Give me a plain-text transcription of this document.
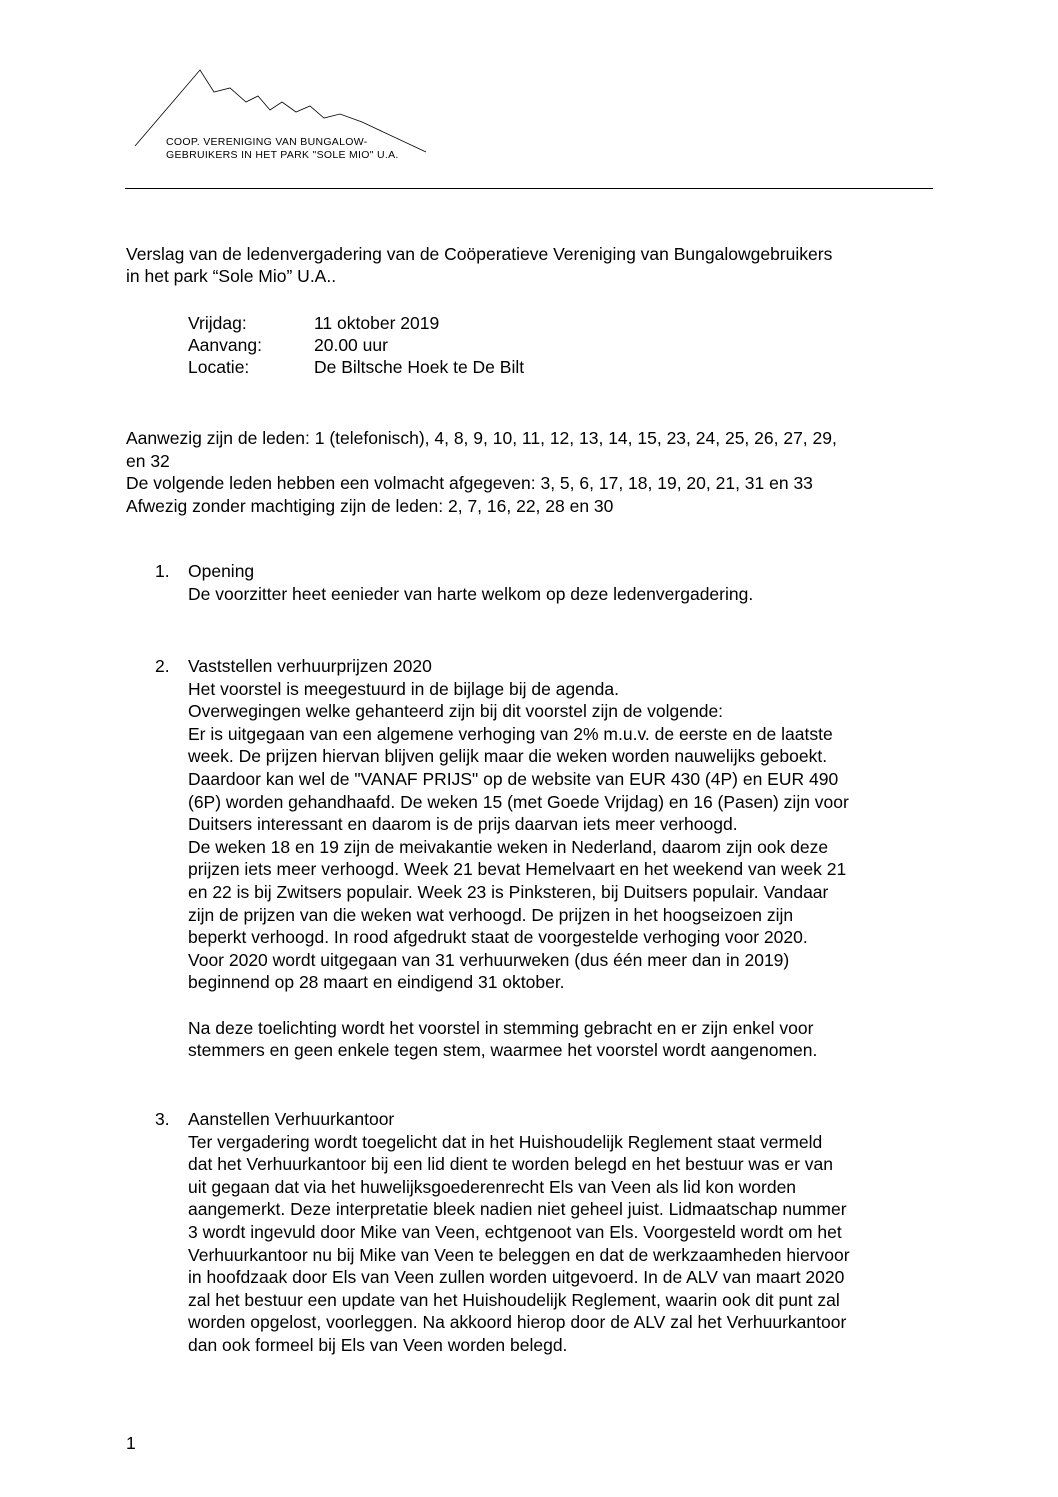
COOP. VERENIGING VAN BUNGALOW-
GEBRUIKERS IN HET PARK "SOLE MIO" U.A.
Verslag van de ledenvergadering van de Coöperatieve Vereniging van Bungalowgebruikers
in het park “Sole Mio” U.A..
Vrijdag:	11 oktober 2019
Aanvang:	20.00 uur
Locatie:	De Biltsche Hoek te De Bilt

Aanwezig zijn de leden: 1 (telefonisch), 4, 8, 9, 10, 11, 12, 13, 14, 15, 23, 24, 25, 26, 27, 29,

en 32

De volgende leden hebben een volmacht afgegeven: 3, 5, 6, 17, 18, 19, 20, 21, 31 en 33

Afwezig zonder machtiging zijn de leden: 2, 7, 16, 22, 28 en 30

1.	Opening

De voorzitter heet eenieder van harte welkom op deze ledenvergadering.

2.	Vaststellen verhuurprijzen 2020

Het voorstel is meegestuurd in de bijlage bij de agenda.

Overwegingen welke gehanteerd zijn bij dit voorstel zijn de volgende:

Er is uitgegaan van een algemene verhoging van 2% m.u.v. de eerste en de laatste

week. De prijzen hiervan blijven gelijk maar die weken worden nauwelijks geboekt.

Daardoor kan wel de "VANAF PRIJS" op de website van EUR 430 (4P) en EUR 490

(6P) worden gehandhaafd. De weken 15 (met Goede Vrijdag) en 16 (Pasen) zijn voor

Duitsers interessant en daarom is de prijs daarvan iets meer verhoogd.

De weken 18 en 19 zijn de meivakantie weken in Nederland, daarom zijn ook deze

prijzen iets meer verhoogd. Week 21 bevat Hemelvaart en het weekend van week 21

en 22 is bij Zwitsers populair. Week 23 is Pinksteren, bij Duitsers populair. Vandaar

zijn de prijzen van die weken wat verhoogd. De prijzen in het hoogseizoen zijn

beperkt verhoogd. In rood afgedrukt staat de voorgestelde verhoging voor 2020.

Voor 2020 wordt uitgegaan van 31 verhuurweken (dus één meer dan in 2019)

beginnend op 28 maart en eindigend 31 oktober.

Na deze toelichting wordt het voorstel in stemming gebracht en er zijn enkel voor

stemmers en geen enkele tegen stem, waarmee het voorstel wordt aangenomen.

3.	Aanstellen Verhuurkantoor

Ter vergadering wordt toegelicht dat in het Huishoudelijk Reglement staat vermeld

dat het Verhuurkantoor bij een lid dient te worden belegd en het bestuur was er van

uit gegaan dat via het huwelijksgoederenrecht Els van Veen als lid kon worden

aangemerkt. Deze interpretatie bleek nadien niet geheel juist. Lidmaatschap nummer

3 wordt ingevuld door Mike van Veen, echtgenoot van Els. Voorgesteld wordt om het

Verhuurkantoor nu bij Mike van Veen te beleggen en dat de werkzaamheden hiervoor

in hoofdzaak door Els van Veen zullen worden uitgevoerd. In de ALV van maart 2020

zal het bestuur een update van het Huishoudelijk Reglement, waarin ook dit punt zal

worden opgelost, voorleggen. Na akkoord hierop door de ALV zal het Verhuurkantoor

dan ook formeel bij Els van Veen worden belegd.

1
